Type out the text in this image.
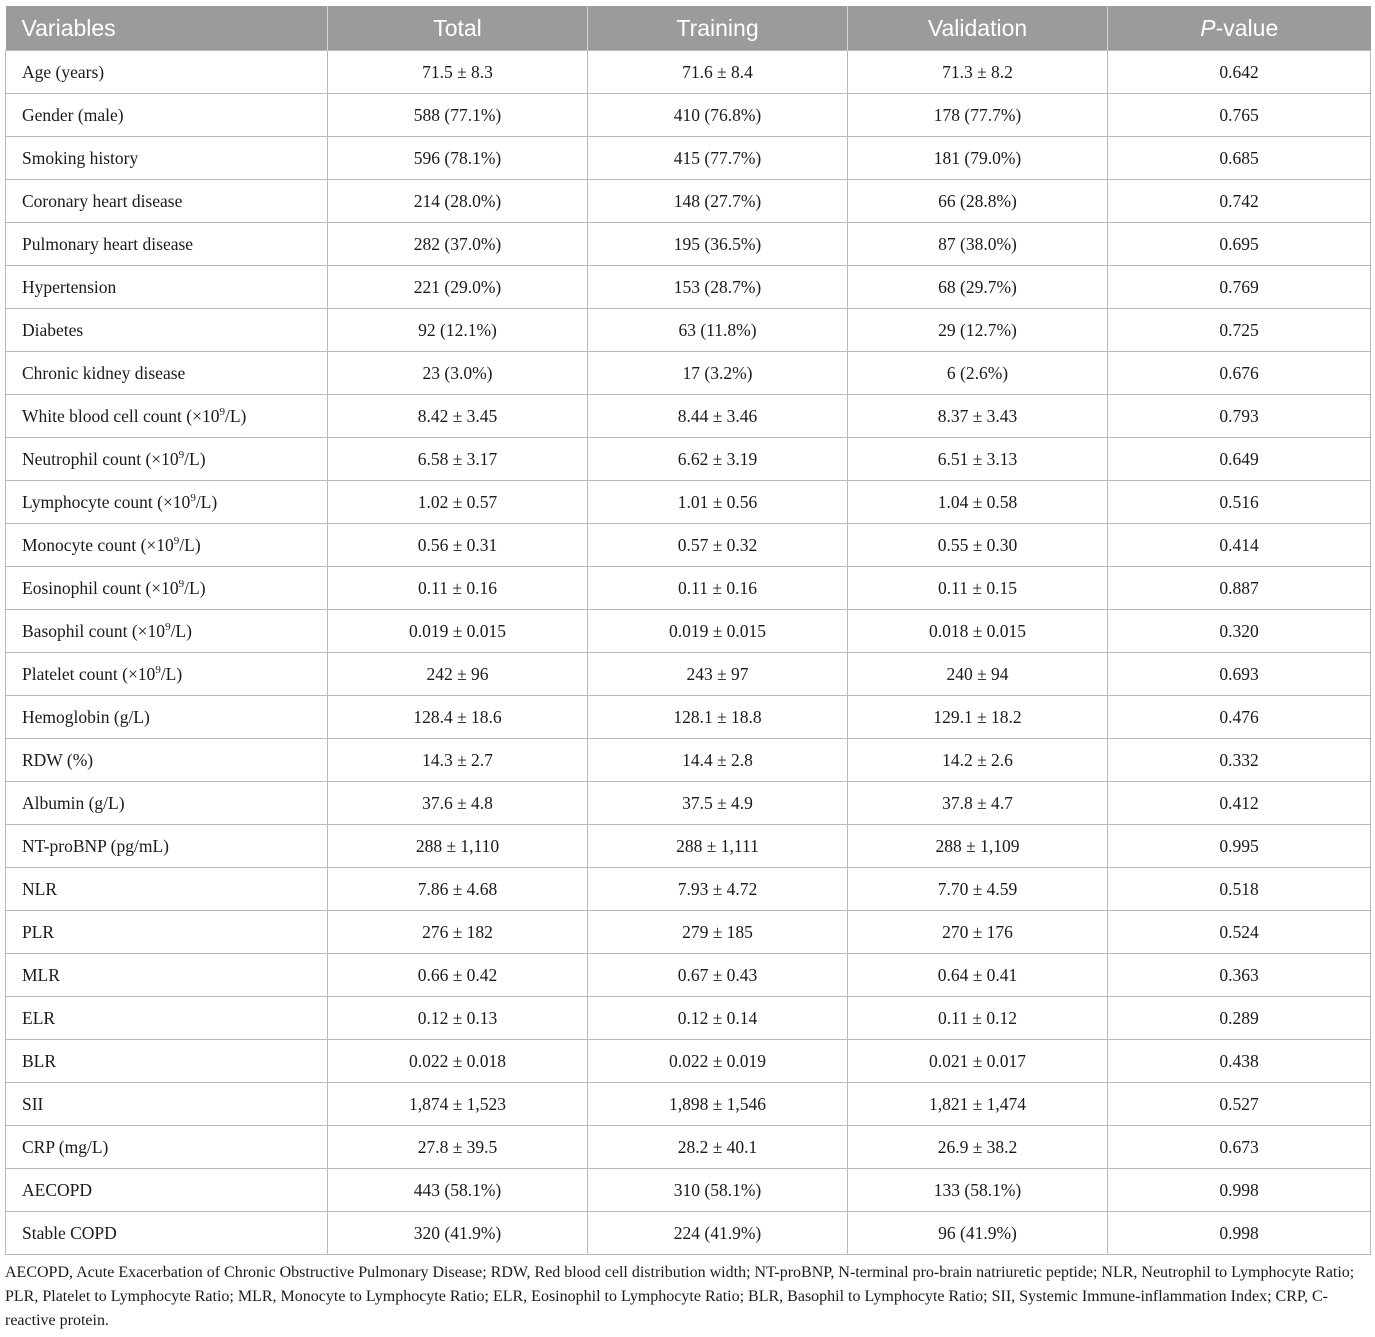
Variables	Total	Training	Validation	P-value
Age (years)	71.5 ± 8.3	71.6 ± 8.4	71.3 ± 8.2	0.642
Gender (male)	588 (77.1%)	410 (76.8%)	178 (77.7%)	0.765
Smoking history	596 (78.1%)	415 (77.7%)	181 (79.0%)	0.685
Coronary heart disease	214 (28.0%)	148 (27.7%)	66 (28.8%)	0.742
Pulmonary heart disease	282 (37.0%)	195 (36.5%)	87 (38.0%)	0.695
Hypertension	221 (29.0%)	153 (28.7%)	68 (29.7%)	0.769
Diabetes	92 (12.1%)	63 (11.8%)	29 (12.7%)	0.725
Chronic kidney disease	23 (3.0%)	17 (3.2%)	6 (2.6%)	0.676
White blood cell count $(\times 10^9/L)$	8.42 ± 3.45	8.44 ± 3.46	8.37 ± 3.43	0.793
Neutrophil count $(\times 10^9/L)$	6.58 ± 3.17	6.62 ± 3.19	6.51 ± 3.13	0.649
Lymphocyte count $(\times 10^9/L)$	1.02 ± 0.57	1.01 ± 0.56	1.04 ± 0.58	0.516
Monocyte count $(\times 10^9/L)$	0.56 ± 0.31	0.57 ± 0.32	0.55 ± 0.30	0.414
Eosinophil count $(\times 10^9/L)$	0.11 ± 0.16	0.11 ± 0.16	0.11 ± 0.15	0.887
Basophil count $(\times 10^9/L)$	0.019 ± 0.015	0.019 ± 0.015	0.018 ± 0.015	0.320
Platelet count $(\times 10^9/L)$	242 ± 96	243 ± 97	240 ± 94	0.693
Hemoglobin (g/L)	128.4 ± 18.6	128.1 ± 18.8	129.1 ± 18.2	0.476
RDW (%)	14.3 ± 2.7	14.4 ± 2.8	14.2 ± 2.6	0.332
Albumin (g/L)	37.6 ± 4.8	37.5 ± 4.9	37.8 ± 4.7	0.412
NT-proBNP (pg/mL)	288 ± 1,110	288 ± 1,111	288 ± 1,109	0.995
NLR	7.86 ± 4.68	7.93 ± 4.72	7.70 ± 4.59	0.518
PLR	276 ± 182	279 ± 185	270 ± 176	0.524
MLR	0.66 ± 0.42	0.67 ± 0.43	0.64 ± 0.41	0.363
ELR	0.12 ± 0.13	0.12 ± 0.14	0.11 ± 0.12	0.289
BLR	0.022 ± 0.018	0.022 ± 0.019	0.021 ± 0.017	0.438
SII	1,874 ± 1,523	1,898 ± 1,546	1,821 ± 1,474	0.527
CRP (mg/L)	27.8 ± 39.5	28.2 ± 40.1	26.9 ± 38.2	0.673
AECOPD	443 (58.1%)	310 (58.1%)	133 (58.1%)	0.998
Stable COPD	320 (41.9%)	224 (41.9%)	96 (41.9%)	0.998
AECOPD, Acute Exacerbation of Chronic Obstructive Pulmonary Disease; RDW, Red blood cell distribution width; NT-proBNP, N-terminal pro-brain natriuretic peptide; NLR, Neutrophil to Lymphocyte Ratio; PLR, Platelet to Lymphocyte Ratio; MLR, Monocyte to Lymphocyte Ratio; ELR, Eosinophil to Lymphocyte Ratio; BLR, Basophil to Lymphocyte Ratio; SII, Systemic Immune-inflammation Index; CRP, C-reactive protein.
